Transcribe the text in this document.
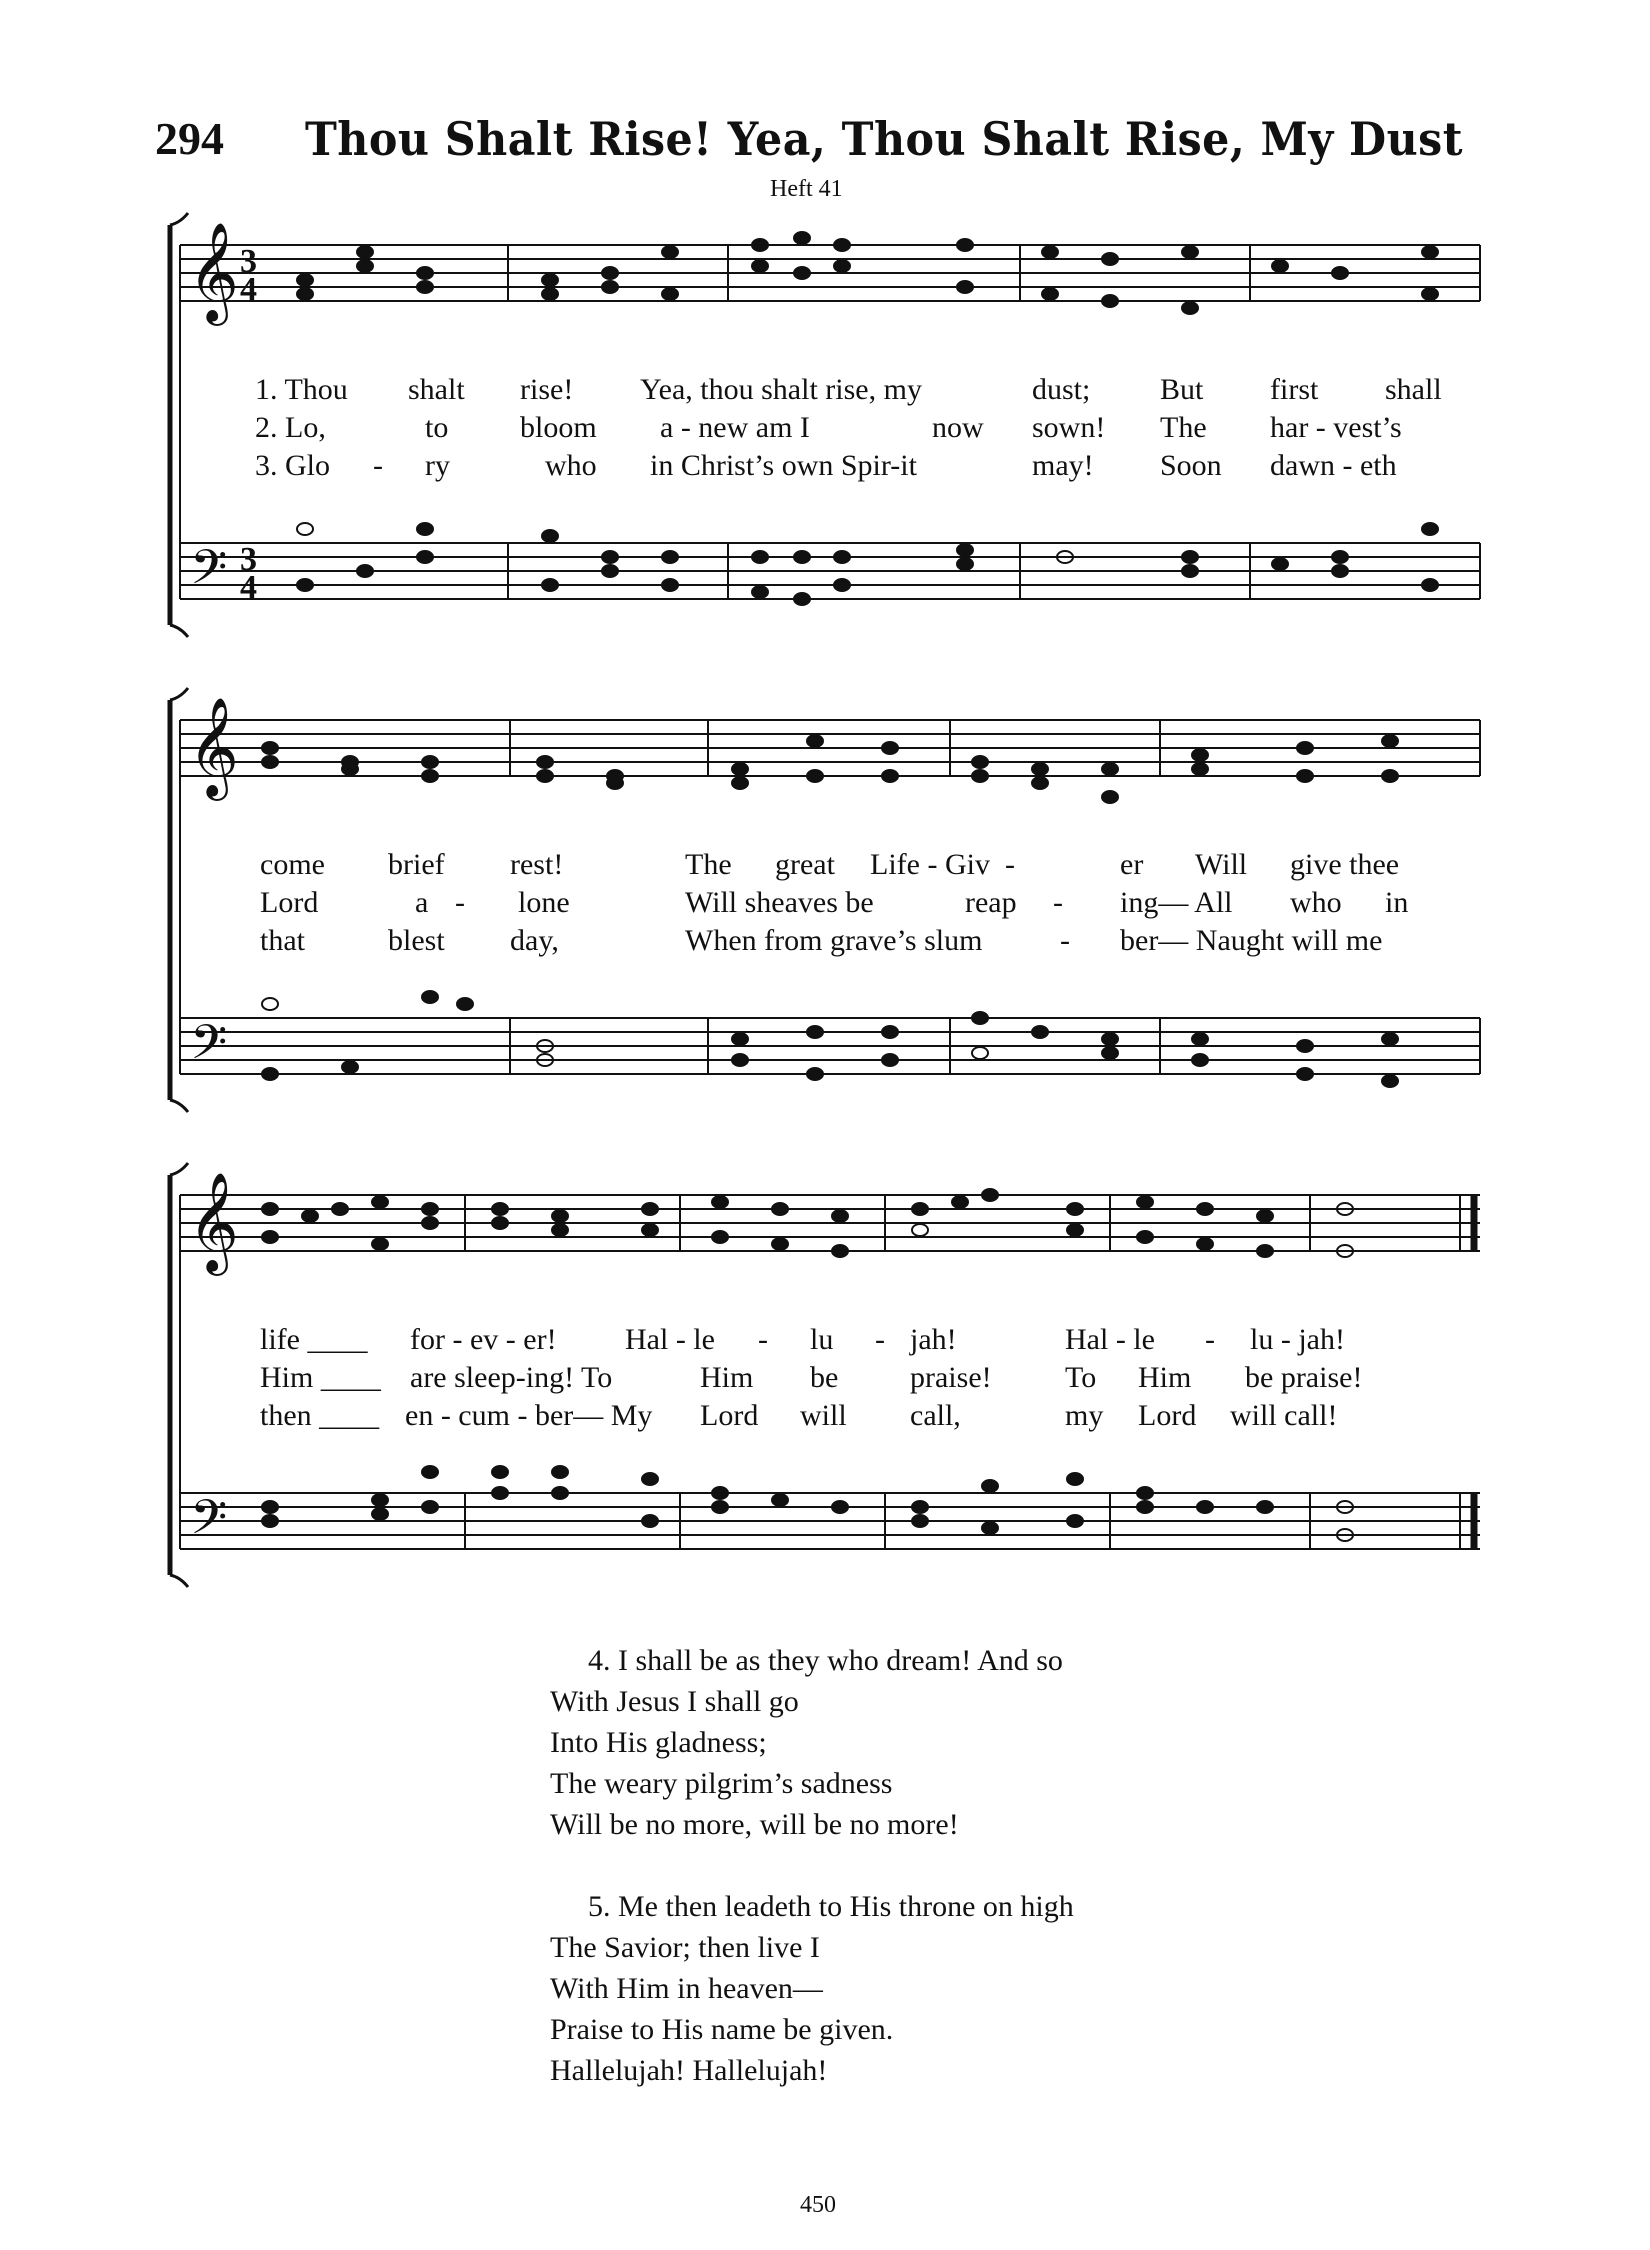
294 Thou Shalt Rise! Yea, Thou Shalt Rise, My Dust
Heft 41
𝄞
𝄢
3
4
3
4
1. Thou shalt rise! Yea, thou shalt rise, my	dust; But first shall
2. Lo,	to bloom a - new am I	now sown! The har - vest’s
3. Glo - ry	who in Christ’s own Spir-it	may! Soon dawn - eth
𝄞
𝄢
come brief rest!	The great Life - Giv -	er Will give thee
Lord	a - lone	Will sheaves be	reap - ing— All who in
that	blest day,	When from grave’s slum	- ber— Naught will me
𝄞
𝄢
life ____ for - ev - er! Hal - le - lu - jah!	Hal - le - lu - jah!
Him ____ are sleep-ing! To	Him be praise! To Him be praise!
then ____ en - cum - ber— My Lord will call,	my Lord will call!
4. I shall be as they who dream! And so
With Jesus I shall go
Into His gladness;
The weary pilgrim’s sadness
Will be no more, will be no more!
5. Me then leadeth to His throne on high
The Savior; then live I
With Him in heaven—
Praise to His name be given.
Hallelujah! Hallelujah!
450
